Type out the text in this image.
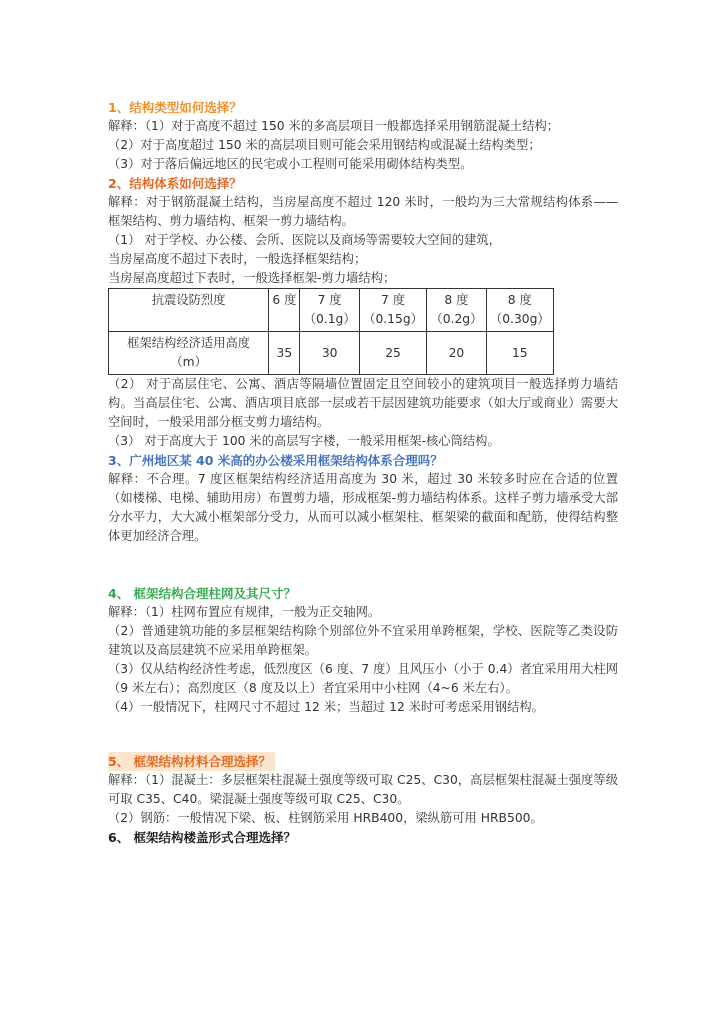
1、结构类型如何选择？
解释：（1）对于高度不超过 150 米的多高层项目一般都选择采用钢筋混凝土结构；
（2）对于高度超过 150 米的高层项目则可能会采用钢结构或混凝土结构类型；
（3）对于落后偏远地区的民宅或小工程则可能采用砌体结构类型。
2、结构体系如何选择？
解释：对于钢筋混凝土结构，当房屋高度不超过 120 米时，一般均为三大常规结构体系——框架结构、剪力墙结构、框架一剪力墙结构。
（1） 对于学校、办公楼、会所、医院以及商场等需要较大空间的建筑，
当房屋高度不超过下表时，一般选择框架结构；
当房屋高度超过下表时，一般选择框架-剪力墙结构；
抗震设防烈度	6 度	7 度（0.1g）	7 度（0.15g）	8 度（0.2g）	8 度（0.30g）
框架结构经济适用高度（m）	35	30	25	20	15
（2） 对于高层住宅、公寓、酒店等隔墙位置固定且空间较小的建筑项目一般选择剪力墙结构。当高层住宅、公寓、酒店项目底部一层或若干层因建筑功能要求（如大厅或商业）需要大空间时，一般采用部分框支剪力墙结构。
（3） 对于高度大于 100 米的高层写字楼，一般采用框架-核心筒结构。
3、广州地区某 40 米高的办公楼采用框架结构体系合理吗？
解释：不合理。7 度区框架结构经济适用高度为 30 米，超过 30 米较多时应在合适的位置（如楼梯、电梯、辅助用房）布置剪力墙，形成框架-剪力墙结构体系。这样子剪力墙承受大部分水平力，大大减小框架部分受力，从而可以减小框架柱、框架梁的截面和配筋，使得结构整体更加经济合理。
4、 框架结构合理柱网及其尺寸？
解释：（1）柱网布置应有规律，一般为正交轴网。
（2）普通建筑功能的多层框架结构除个别部位外不宜采用单跨框架，学校、医院等乙类设防建筑以及高层建筑不应采用单跨框架。
（3）仅从结构经济性考虑，低烈度区（6 度、7 度）且风压小（小于 0.4）者宜采用用大柱网（9 米左右）；高烈度区（8 度及以上）者宜采用中小柱网（4~6 米左右）。
（4）一般情况下，柱网尺寸不超过 12 米；当超过 12 米时可考虑采用钢结构。
5、 框架结构材料合理选择？
解释：（1）混凝土：多层框架柱混凝土强度等级可取 C25、C30，高层框架柱混凝土强度等级可取 C35、C40。梁混凝土强度等级可取 C25、C30。
（2）钢筋：一般情况下梁、板、柱钢筋采用 HRB400，梁纵筋可用 HRB500。
6、 框架结构楼盖形式合理选择？
